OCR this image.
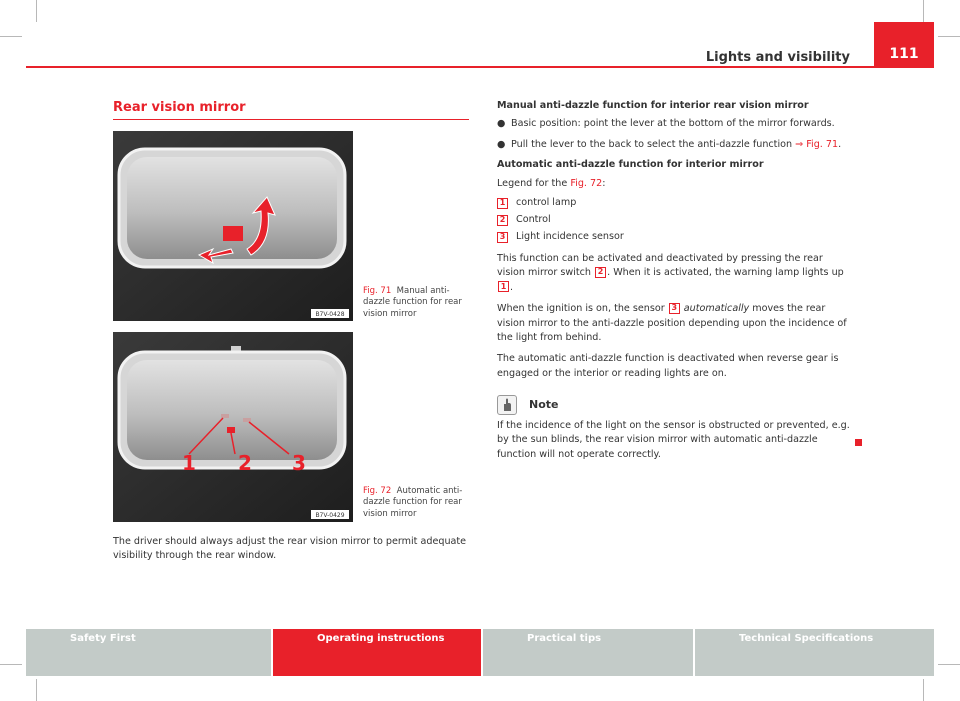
Lights and visibility	111
Rear vision mirror
B7V-0428
Fig. 71 Manual anti-dazzle function for rear vision mirror
1 2 3
B7V-0429
Fig. 72 Automatic anti-dazzle function for rear vision mirror
The driver should always adjust the rear vision mirror to permit adequate visibility through the rear window.
Manual anti-dazzle function for interior rear vision mirror
● Basic position: point the lever at the bottom of the mirror forwards.
● Pull the lever to the back to select the anti-dazzle function ⇒ Fig. 71.
Automatic anti-dazzle function for interior mirror
Legend for the Fig. 72:
1 control lamp
2 Control
3 Light incidence sensor

This function can be activated and deactivated by pressing the rear vision mirror switch 2 . When it is activated, the warning lamp lights up 1 .

When the ignition is on, the sensor 3 automatically moves the rear vision mirror to the anti-dazzle position depending upon the incidence of the light from behind.

The automatic anti-dazzle function is deactivated when reverse gear is engaged or the interior or reading lights are on.

Note
If the incidence of the light on the sensor is obstructed or prevented, e.g. by the sun blinds, the rear vision mirror with automatic anti-dazzle function will not operate correctly.
Safety First	Operating instructions	Practical tips	Technical Specifications
